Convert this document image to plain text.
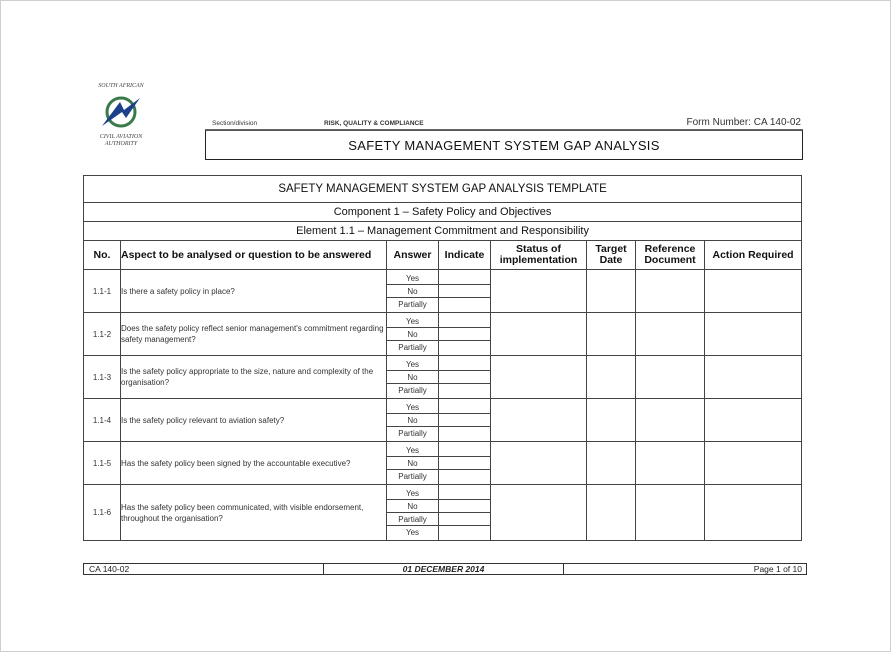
SOUTH AFRICAN
CIVIL AVIATION
AUTHORITY
Section/division	RISK, QUALITY & COMPLIANCE	Form Number: CA 140-02
SAFETY MANAGEMENT SYSTEM GAP ANALYSIS
SAFETY MANAGEMENT SYSTEM GAP ANALYSIS TEMPLATE							
Component 1 – Safety Policy and Objectives							
Element 1.1 – Management Commitment and Responsibility							
No.	Aspect to be analysed or question to be answered	Answer	Indicate	Status of implementation	Target Date	Reference Document	Action Required
1.1-1	Is there a safety policy in place?	Yes
No
Partially					

1.1-2	Does the safety policy reflect senior management's commitment regarding safety management?	Yes
No
Partially					

1.1-3	Is the safety policy appropriate to the size, nature and complexity of the organisation?	Yes
No
Partially					

1.1-4	Is the safety policy relevant to aviation safety?	Yes
No
Partially					

1.1-5	Has the safety policy been signed by the accountable executive?	Yes
No
Partially					

1.1-6	Has the safety policy been communicated, with visible endorsement, throughout the organisation?	Yes
No
Partially
Yes					

CA 140-02	01 DECEMBER 2014	Page 1 of 10
